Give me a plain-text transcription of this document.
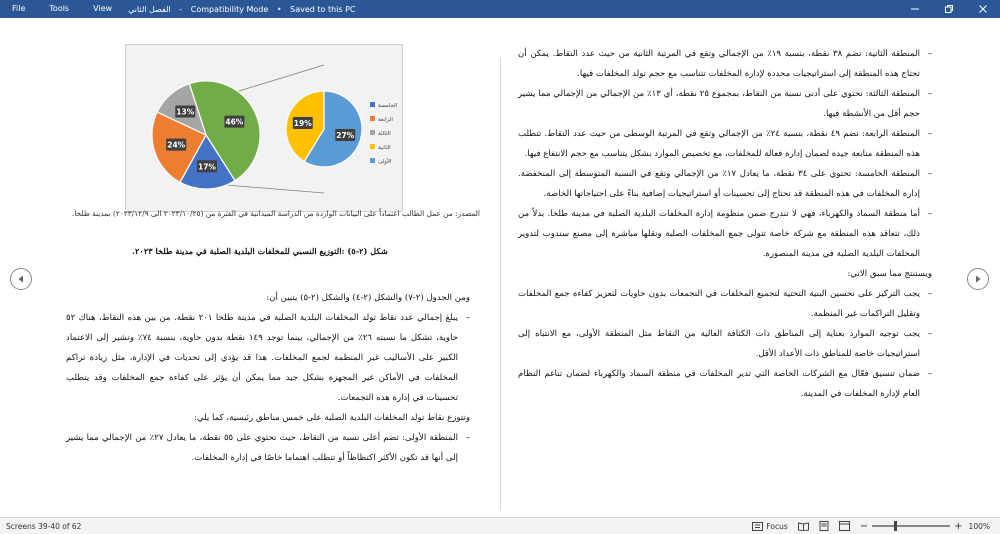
File	Tools	View	الفصل الثاني - Compatibility Mode • Saved to this PC
46%
17%
24%
13%
27%
19%
الخامسة
الرابعة
الثالثة
الثانية
الأولى
المصدر: من عمل الطالب اعتماداً على البيانات الواردة من الدراسة الميدانية في الفترة من (٢٠٢٣/١٠/٢٥ الى ٢٠٢٣/١٢/٩) بمدينة طلخا.
شكل (٢-٥) :التوزيع النسبي للمخلفات البلدية الصلبة في مدينة طلخا ٢٠٢٣.

ومن الجدول (٢-٧) والشكل (٢-٤) والشكل (٢-٥) يتبين أن:

– يبلغ إجمالي عدد نقاط تولد المخلفات البلدية الصلبة في مدينة طلخا ٢٠١ نقطة. من بين هذه النقاط، هناك ٥٢ حاوية، تشكل ما نسبته ٢٦٪ من الإجمالي، بينما توجد ١٤٩ نقطة بدون حاوية، بنسبة ٧٤٪ وتشير إلى الاعتماد الكبير على الأساليب غير المنظمة لجمع المخلفات. هذا قد يؤدي إلى تحديات في الإدارة، مثل زيادة تراكم المخلفات في الأماكن غير المجهزة بشكل جيد مما يمكن أن يؤثر على كفاءة جمع المخلفات وقد يتطلب تحسينات في إدارة هذه التجمعات.

وتتوزع نقاط تولد المخلفات البلدية الصلبة على خمس مناطق رئيسية، كما يلي:

– المنطقة الأولى: تضم أعلى نسبة من النقاط، حيث تحتوي على ٥٥ نقطة، ما يعادل ٢٧٪ من الإجمالي مما يشير إلى أنها قد تكون الأكثر اكتظاظاً أو تتطلب اهتماما خاصًا في إدارة المخلفات.

– المنطقة الثانية: تضم ٣٨ نقطة، بنسبة ١٩٪ من الإجمالي وتقع في المرتبة الثانية من حيث عدد النقاط. يمكن أن تحتاج هذه المنطقة إلى استراتيجيات محددة لإدارة المخلفات تتناسب مع حجم تولد المخلفات فيها.

– المنطقة الثالثة: تحتوي على أدنى نسبة من النقاط، بمجموع ٢٥ نقطة، أي ١٣٪ من الإجمالي من الإجمالي مما يشير حجم أقل من الأنشطة فيها.

– المنطقة الرابعة: تضم ٤٩ نقطة، بنسبة ٢٤٪ من الإجمالي وتقع في المرتبة الوسطى من حيث عدد النقاط. تتطلب هذه المنطقة متابعة جيدة لضمان إدارة فعالة للمخلفات، مع تخصيص الموارد بشكل يتناسب مع حجم الانتفاع فيها.

– المنطقة الخامسة: تحتوي على ٣٤ نقطة، ما يعادل ١٧٪ من الإجمالي وتقع في النسبة المتوسطة إلى المنخفضة. إدارة المخلفات في هذه المنطقة قد تحتاج إلى تحسينات أو استراتيجيات إضافية بناءً على احتياجاتها الخاصة.

– أما منطقة السماد والكهرباء، فهي لا تندرج ضمن منظومة إدارة المخلفات البلدية الصلبة في مدينة طلخا. بدلاً من ذلك، تتعاقد هذه المنطقة مع شركة خاصة تتولى جمع المخلفات الصلبة ونقلها مباشرة إلى مصنع سندوب لتدوير المخلفات البلدية الصلبة في مدينة المنصورة.

ويستنتج مما سبق الاتي:

– يجب التركيز على تحسين البنية التحتية لتجميع المخلفات في التجمعات بدون حاويات لتعزيز كفاءة جمع المخلفات وتقليل التراكمات غير المنظمة.

– يجب توجيه الموارد بعناية إلى المناطق ذات الكثافة العالية من النقاط مثل المنطقة الأولى، مع الانتباه إلى استراتيجيات خاصة للمناطق ذات الأعداد الأقل.

– ضمان تنسيق فعّال مع الشركات الخاصة التي تدير المخلفات في منطقة السماد والكهرباء لضمان تناغم النظام العام لإدارة المخلفات في المدينة.

Screens 39-40 of 62	Focus	−	+ 100%
